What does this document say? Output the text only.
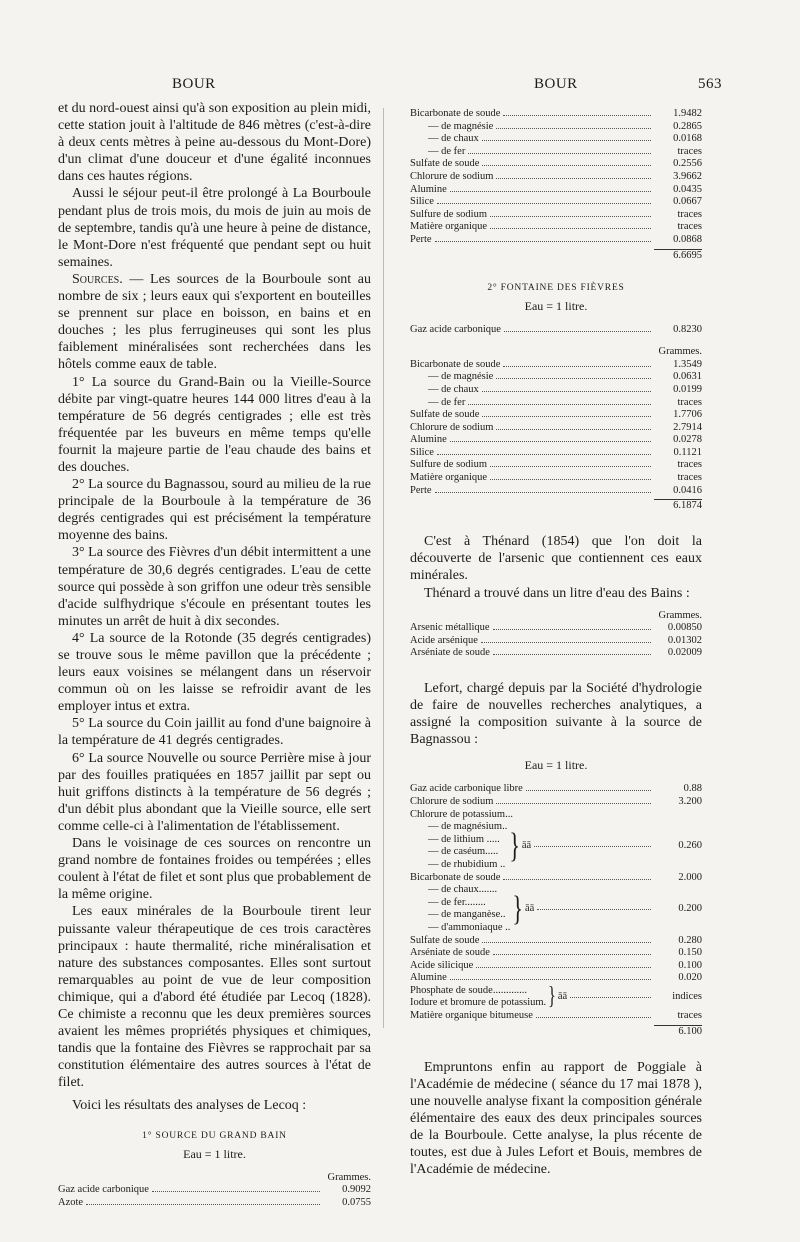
BOUR	BOUR	563

et du nord-ouest ainsi qu'à son exposition au plein midi, cette station jouit à l'altitude de 846 mètres (c'est-à-dire à deux cents mètres à peine au-dessous du Mont-Dore) d'un climat d'une douceur et d'une égalité inconnues dans ces hautes régions.

Aussi le séjour peut-il être prolongé à La Bourboule pendant plus de trois mois, du mois de juin au mois de de septembre, tandis qu'à une heure à peine de distance, le Mont-Dore n'est fréquenté que pendant sept ou huit semaines.

Sources. — Les sources de la Bourboule sont au nombre de six ; leurs eaux qui s'exportent en bouteilles se prennent sur place en boisson, en bains et en douches ; les plus ferrugineuses qui sont les plus faiblement minéralisées sont recherchées dans les hôtels comme eaux de table.

1° La source du Grand-Bain ou la Vieille-Source débite par vingt-quatre heures 144 000 litres d'eau à la température de 56 degrés centigrades ; elle est très fréquentée par les buveurs en même temps qu'elle fournit la majeure partie de l'eau chaude des bains et des douches.

2° La source du Bagnassou, sourd au milieu de la rue principale de la Bourboule à la température de 36 degrés centigrades qui est précisément la température moyenne des bains.

3° La source des Fièvres d'un débit intermittent a une température de 30,6 degrés centigrades. L'eau de cette source qui possède à son griffon une odeur très sensible d'acide sulfhydrique s'écoule en présentant toutes les minutes un arrêt de huit à dix secondes.

4° La source de la Rotonde (35 degrés centigrades) se trouve sous le même pavillon que la précédente ; leurs eaux voisines se mélangent dans un réservoir commun où on les laisse se refroidir avant de les employer intus et extra.

5° La source du Coin jaillit au fond d'une baignoire à la température de 41 degrés centigrades.

6° La source Nouvelle ou source Perrière mise à jour par des fouilles pratiquées en 1857 jaillit par sept ou huit griffons distincts à la température de 56 degrés ; d'un débit plus abondant que la Vieille source, elle sert comme celle-ci à l'alimentation de l'établissement.

Dans le voisinage de ces sources on rencontre un grand nombre de fontaines froides ou tempérées ; elles coulent à l'état de filet et sont plus que probablement de la même origine.

Les eaux minérales de la Bourboule tirent leur puissante valeur thérapeutique de ces trois caractères principaux : haute thermalité, riche minéralisation et nature des substances composantes. Elles sont surtout remarquables au point de vue de leur composition chimique, qui a d'abord été étudiée par Lecoq (1828). Ce chimiste a reconnu que les deux premières sources avaient les mêmes propriétés physiques et chimiques, tandis que la fontaine des Fièvres se rapprochait par sa constitution élémentaire des autres sources à l'état de filet.

Voici les résultats des analyses de Lecoq :

1° SOURCE DU GRAND BAIN
Eau = 1 litre.
Grammes.
Gaz acide carbonique	0.9092
Azote	0.0755
Bicarbonate de soude	1.9482
— de magnésie	0.2865
— de chaux	0.0168
— de fer	traces
Sulfate de soude	0.2556
Chlorure de sodium	3.9662
Alumine	0.0435
Silice	0.0667
Sulfure de sodium	traces
Matière organique	traces
Perte	0.0868
6.6695
2° FONTAINE DES FIÈVRES
Eau = 1 litre.
Gaz acide carbonique	0.8230
Grammes.
Bicarbonate de soude	1.3549
— de magnésie	0.0631
— de chaux	0.0199
— de fer	traces
Sulfate de soude	1.7706
Chlorure de sodium	2.7914
Alumine	0.0278
Silice	0.1121
Sulfure de sodium	traces
Matière organique	traces
Perte	0.0416
6.1874

C'est à Thénard (1854) que l'on doit la découverte de l'arsenic que contiennent ces eaux minérales.

Thénard a trouvé dans un litre d'eau des Bains :

Grammes.
Arsenic métallique	0.00850
Acide arsénique	0.01302
Arséniate de soude	0.02009

Lefort, chargé depuis par la Société d'hydrologie de faire de nouvelles recherches analytiques, a assigné la composition suivante à la source de Bagnassou :

Eau = 1 litre.
Gaz acide carbonique libre	0.88
Chlorure de sodium	3.200
Chlorure de potassium...
— de magnésium..
— de lithium .....
— de caséum.....
— de rhubidium .. } āā	0.260
Bicarbonate de soude	2.000
— de chaux.......
— de fer........
— de manganèse..
— d'ammoniaque .. } āā	0.200
Sulfate de soude	0.280
Arséniate de soude	0.150
Acide silicique	0.100
Alumine	0.020
Phosphate de soude.............
Iodure et bromure de potassium. } āā	indices
Matière organique bitumeuse	traces
6.100

Empruntons enfin au rapport de Poggiale à l'Académie de médecine ( séance du 17 mai 1878 ), une nouvelle analyse fixant la composition générale élémentaire des eaux des deux principales sources de la Bourboule. Cette analyse, la plus récente de toutes, est due à Jules Lefort et Bouis, membres de l'Académie de médecine.
